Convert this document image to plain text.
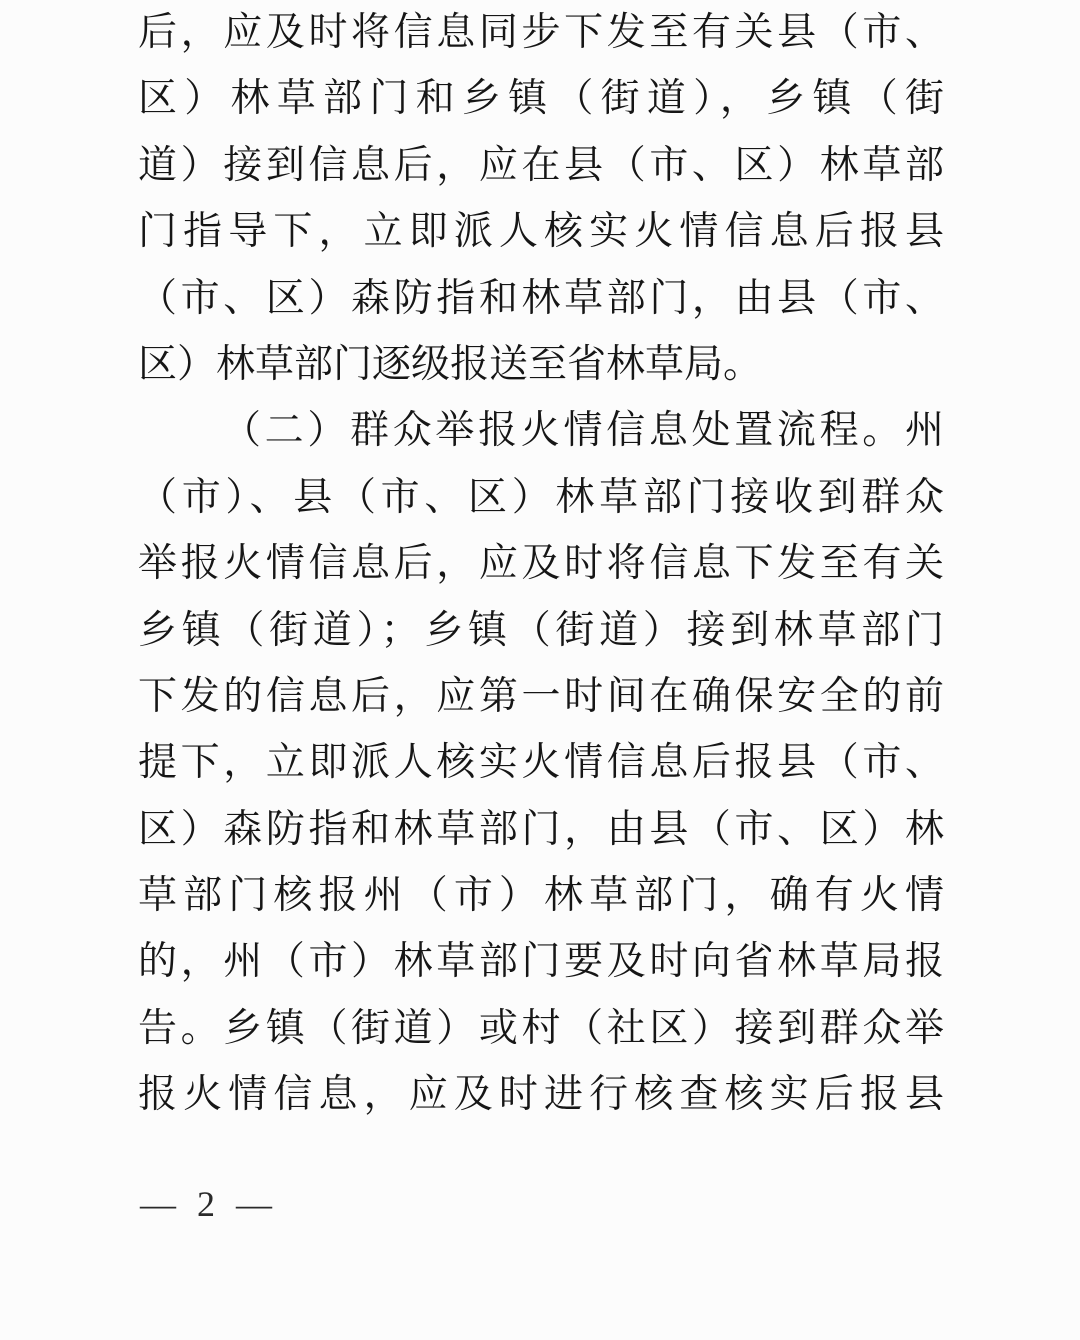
后，应及时将信息同步下发至有关县（市、
区）林草部门和乡镇（街道），乡镇（街
道）接到信息后，应在县（市、区）林草部
门指导下，立即派人核实火情信息后报县
（市、区）森防指和林草部门，由县（市、
区）林草部门逐级报送至省林草局。
（二）群众举报火情信息处置流程。州
（市）、县（市、区）林草部门接收到群众
举报火情信息后，应及时将信息下发至有关
乡镇（街道）；乡镇（街道）接到林草部门
下发的信息后，应第一时间在确保安全的前
提下，立即派人核实火情信息后报县（市、
区）森防指和林草部门，由县（市、区）林
草部门核报州（市）林草部门，确有火情
的，州（市）林草部门要及时向省林草局报
告。乡镇（街道）或村（社区）接到群众举
报火情信息，应及时进行核查核实后报县
— 2 —
